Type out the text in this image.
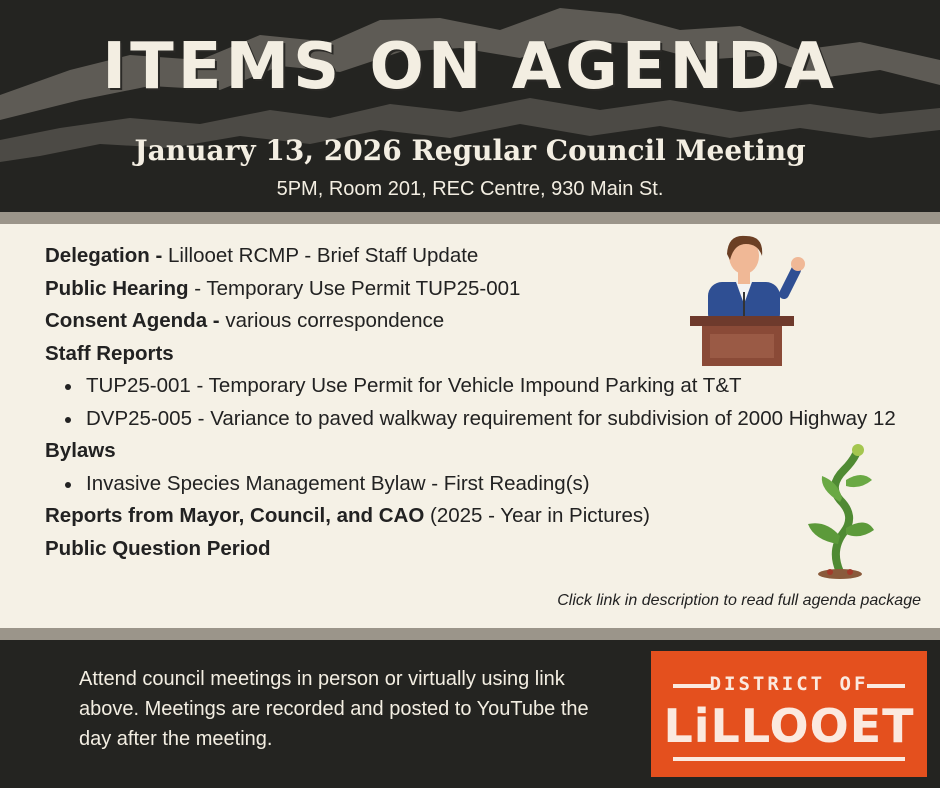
ITEMS ON AGENDA
January 13, 2026 Regular Council Meeting
5PM, Room 201, REC Centre, 930 Main St.
Delegation - Lillooet RCMP - Brief Staff Update
Public Hearing - Temporary Use Permit TUP25-001
Consent Agenda - various correspondence
Staff Reports
TUP25-001 - Temporary Use Permit for Vehicle Impound Parking at T&T
DVP25-005 - Variance to paved walkway requirement for subdivision of 2000 Highway 12
Bylaws
Invasive Species Management Bylaw - First Reading(s)
Reports from Mayor, Council, and CAO (2025 - Year in Pictures)
Public Question Period
Click link in description to read full agenda package
Attend council meetings in person or virtually using link above. Meetings are recorded and posted to YouTube the day after the meeting.
DISTRICT OF
LiLLOOET
